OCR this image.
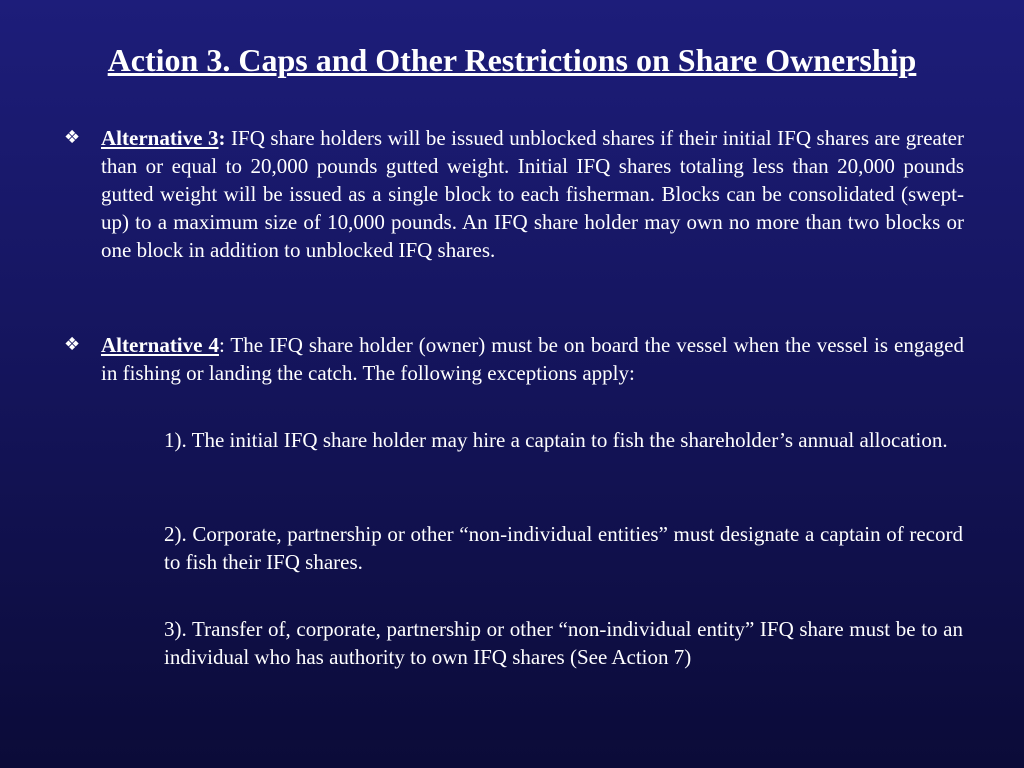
Action 3. Caps and Other Restrictions on Share Ownership
❖ Alternative 3: IFQ share holders will be issued unblocked shares if their initial IFQ shares are greater than or equal to 20,000 pounds gutted weight. Initial IFQ shares totaling less than 20,000 pounds gutted weight will be issued as a single block to each fisherman. Blocks can be consolidated (swept-up) to a maximum size of 10,000 pounds. An IFQ share holder may own no more than two blocks or one block in addition to unblocked IFQ shares.
❖ Alternative 4: The IFQ share holder (owner) must be on board the vessel when the vessel is engaged in fishing or landing the catch. The following exceptions apply:
1). The initial IFQ share holder may hire a captain to fish the shareholder’s annual allocation.
2). Corporate, partnership or other “non-individual entities” must designate a captain of record to fish their IFQ shares.
3). Transfer of, corporate, partnership or other “non-individual entity” IFQ share must be to an individual who has authority to own IFQ shares (See Action 7)
